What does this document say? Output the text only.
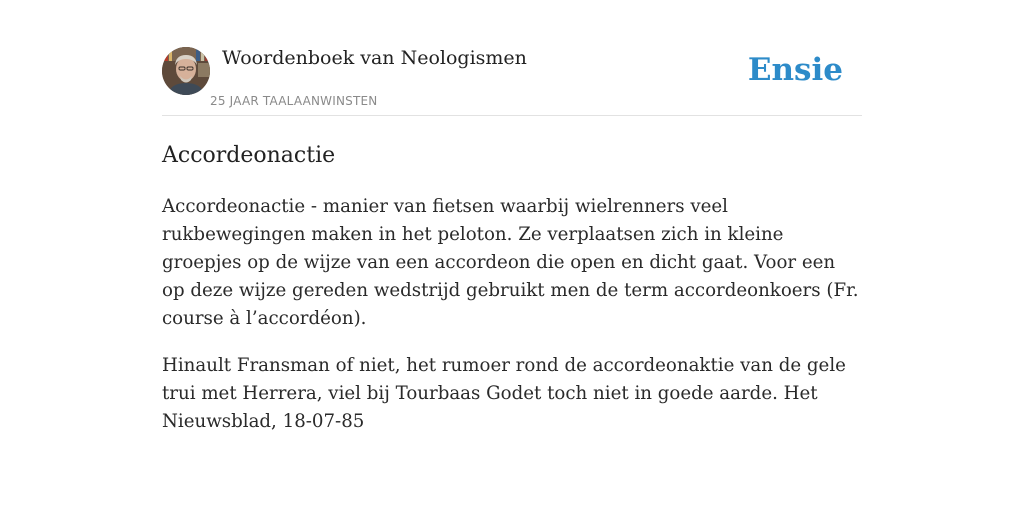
Woordenboek van Neologismen
25 JAAR TAALAANWINSTEN
Ensie
Accordeonactie

Accordeonactie - manier van fietsen waarbij wielrenners veel rukbewegingen maken in het peloton. Ze verplaatsen zich in kleine groepjes op de wijze van een accordeon die open en dicht gaat. Voor een op deze wijze gereden wedstrijd gebruikt men de term accordeonkoers (Fr. course à l’accordéon).

Hinault Fransman of niet, het rumoer rond de accordeonaktie van de gele trui met Herrera, viel bij Tourbaas Godet toch niet in goede aarde. Het Nieuwsblad, 18-07-85
